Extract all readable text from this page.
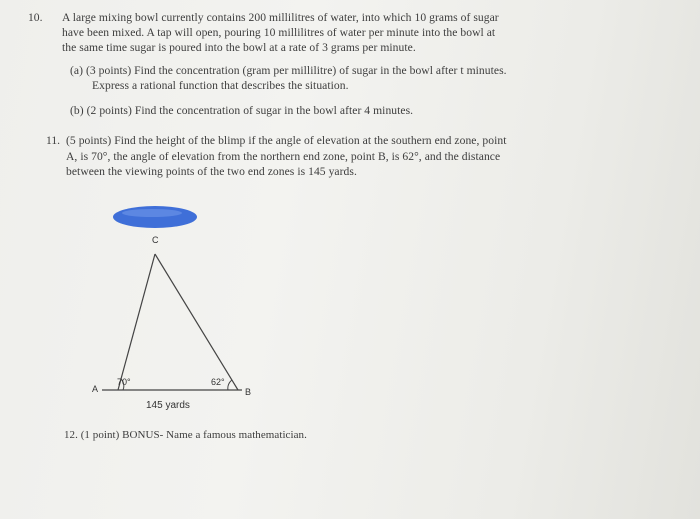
10. A large mixing bowl currently contains 200 millilitres of water, into which 10 grams of sugar
have been mixed. A tap will open, pouring 10 millilitres of water per minute into the bowl at
the same time sugar is poured into the bowl at a rate of 3 grams per minute.
(a) (3 points) Find the concentration (gram per millilitre) of sugar in the bowl after t minutes.
Express a rational function that describes the situation.
(b) (2 points) Find the concentration of sugar in the bowl after 4 minutes.
11. (5 points) Find the height of the blimp if the angle of elevation at the southern end zone, point
A, is 70°, the angle of elevation from the northern end zone, point B, is 62°, and the distance
between the viewing points of the two end zones is 145 yards.
C
A	B
70°	62°
145 yards
12. (1 point) BONUS- Name a famous mathematician.
